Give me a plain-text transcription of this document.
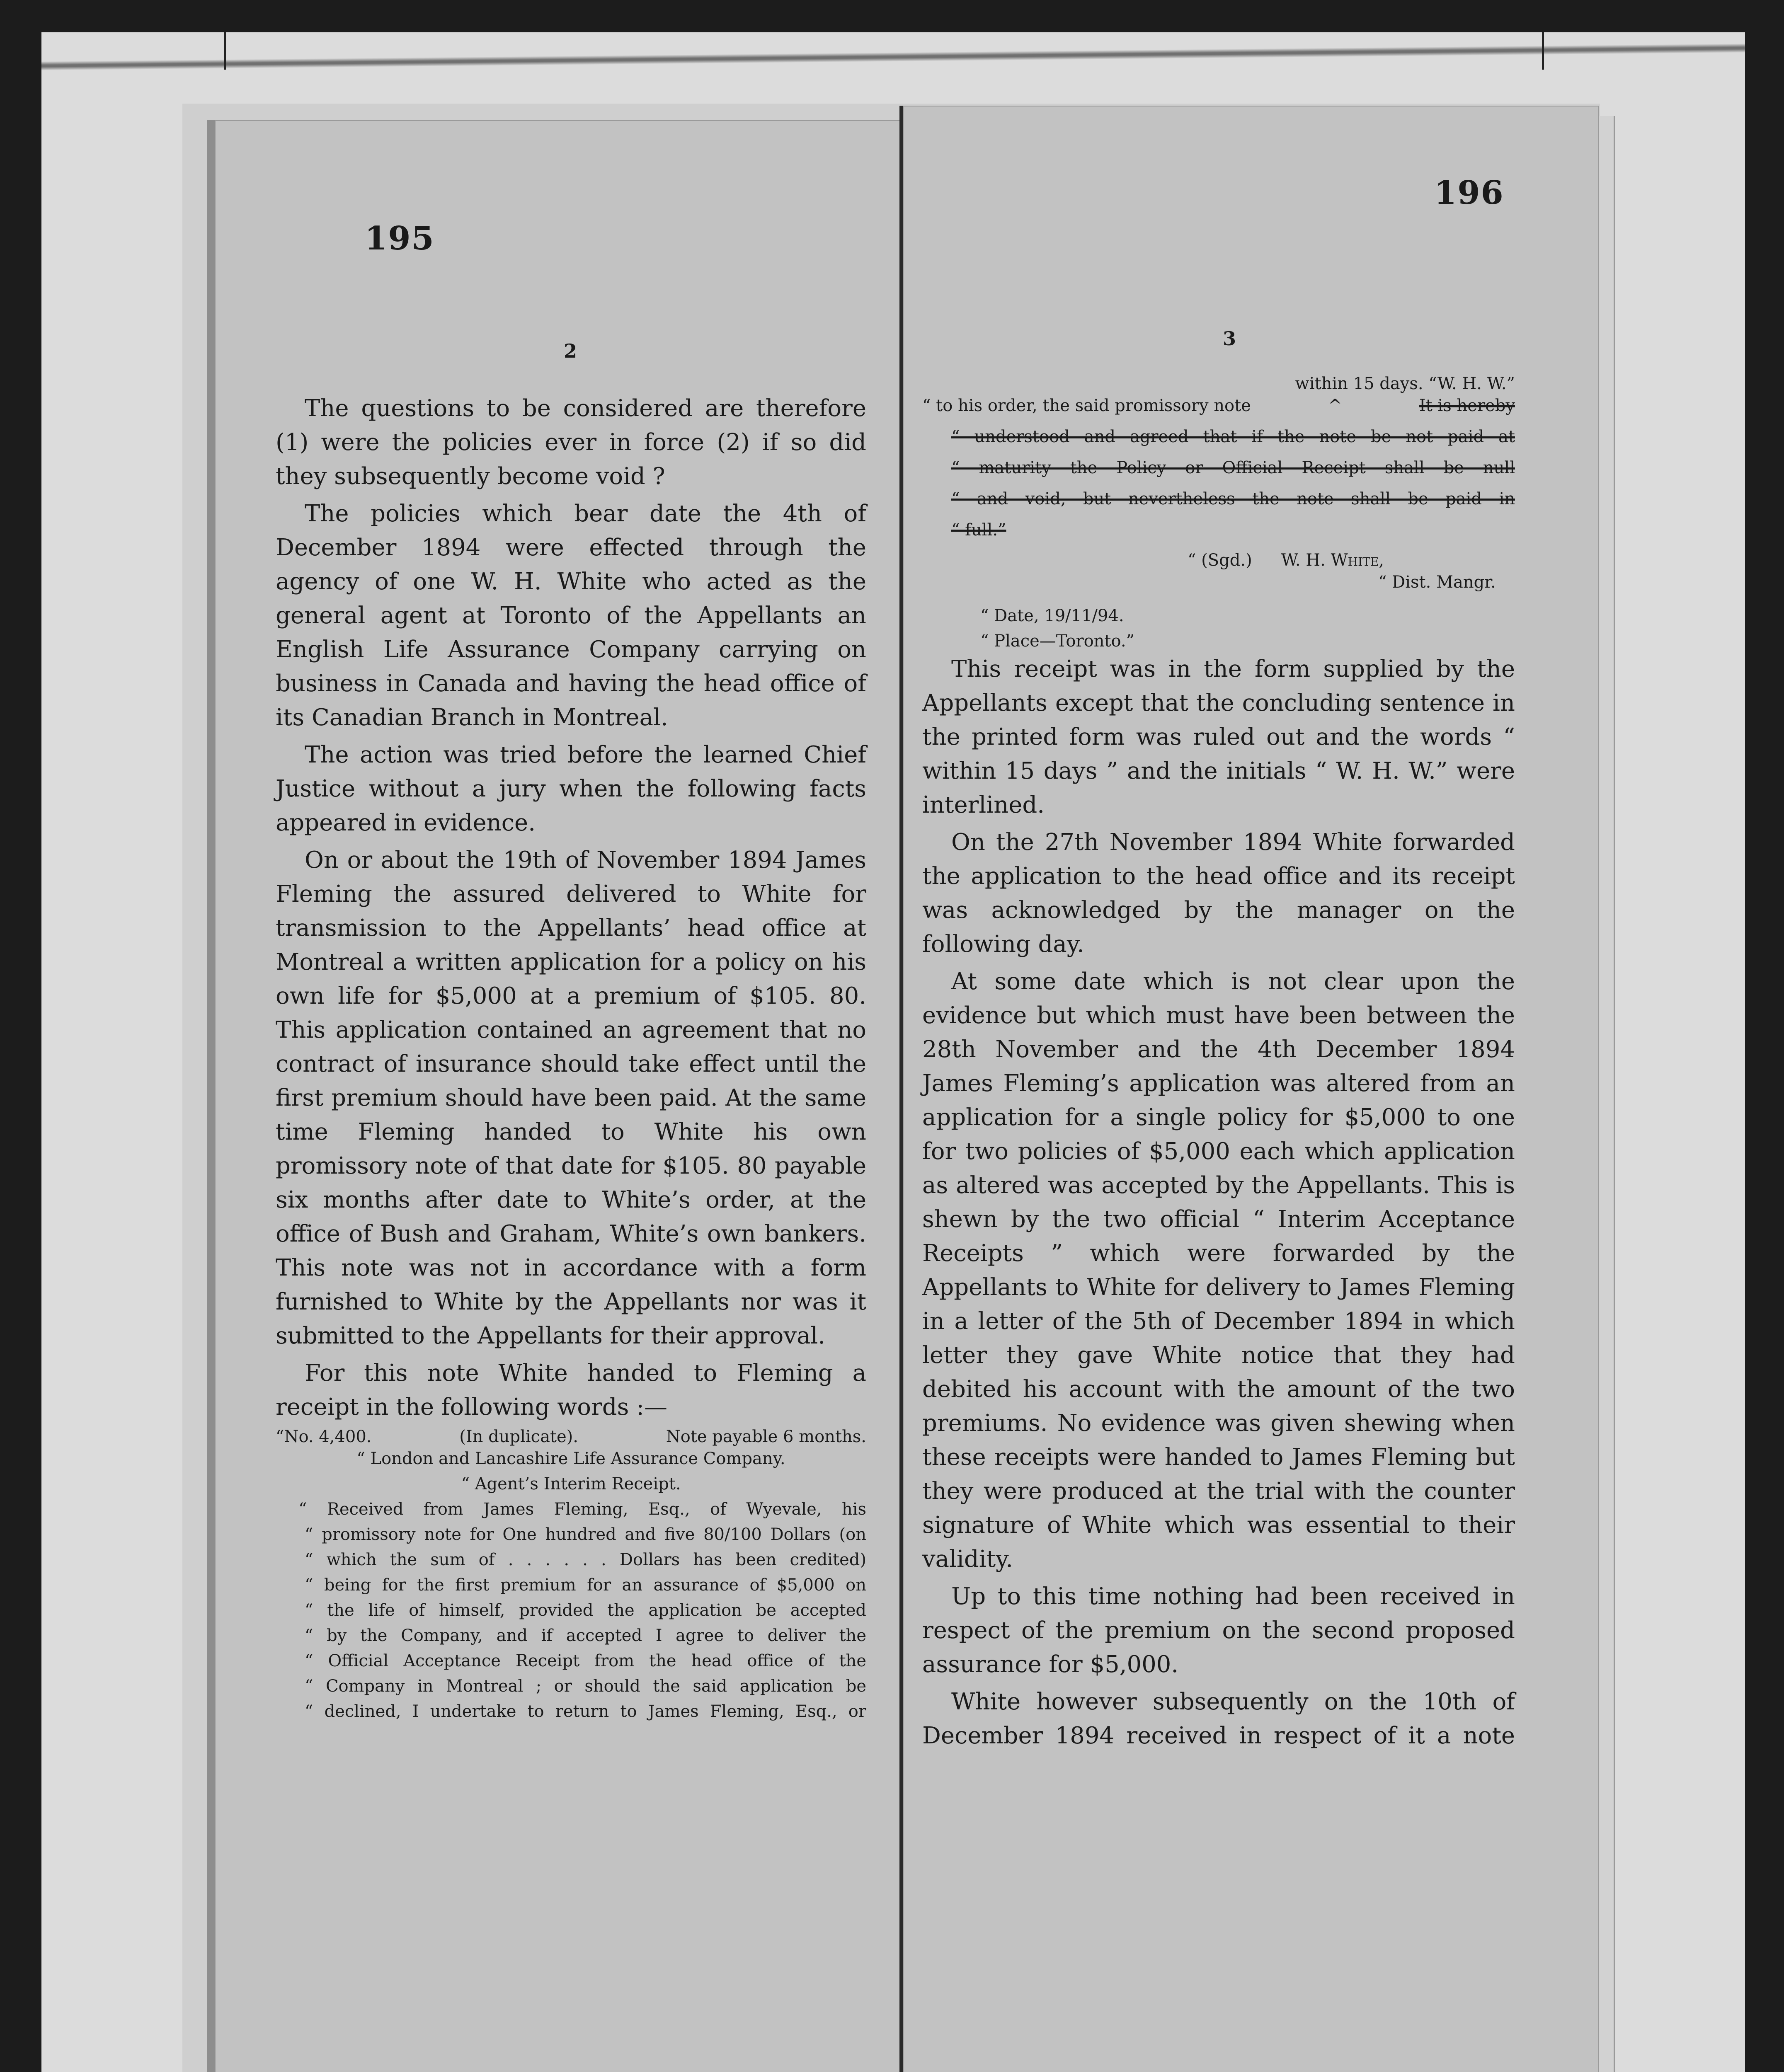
195
2

The questions to be considered are therefore (1) were the policies ever in force (2) if so did they subsequently become void ?

The policies which bear date the 4th of December 1894 were effected through the agency of one W. H. White who acted as the general agent at Toronto of the Appellants an English Life Assurance Company carrying on business in Canada and having the head office of its Canadian Branch in Montreal.

The action was tried before the learned Chief Justice without a jury when the following facts appeared in evidence.

On or about the 19th of November 1894 James Fleming the assured delivered to White for transmission to the Appellants’ head office at Montreal a written application for a policy on his own life for $5,000 at a premium of $105. 80. This application contained an agreement that no contract of insurance should take effect until the first premium should have been paid. At the same time Fleming handed to White his own promissory note of that date for $105. 80 payable six months after date to White’s order, at the office of Bush and Graham, White’s own bankers. This note was not in accordance with a form furnished to White by the Appellants nor was it submitted to the Appellants for their approval.

For this note White handed to Fleming a receipt in the following words :—

“No. 4,400.	(In duplicate).	Note payable 6 months.

“ London and Lancashire Life Assurance Company.

“ Agent’s Interim Receipt.

“ Received from James Fleming, Esq., of Wyevale, his

“ promissory note for One hundred and five 80/100 Dollars (on

“ which the sum of . . . . . . Dollars has been credited)

“ being for the first premium for an assurance of $5,000 on

“ the life of himself, provided the application be accepted

“ by the Company, and if accepted I agree to deliver the

“ Official Acceptance Receipt from the head office of the

“ Company in Montreal ; or should the said application be

“ declined, I undertake to return to James Fleming, Esq., or

196
3

within 15 days. “W. H. W.”

“ to his order, the said promissory note	^	It is hereby

“ understood and agreed that if the note be not paid at

“ maturity the Policy or Official Receipt shall be null

“ and void, but nevertheless the note shall be paid in

“ full.”

“ (Sgd.) W. H. White,

“ Dist. Mangr.

“ Date, 19/11/94.

“ Place—Toronto.”

This receipt was in the form supplied by the Appellants except that the concluding sentence in the printed form was ruled out and the words “ within 15 days ” and the initials “ W. H. W.” were interlined.

On the 27th November 1894 White forwarded the application to the head office and its receipt was acknowledged by the manager on the following day.

At some date which is not clear upon the evidence but which must have been between the 28th November and the 4th December 1894 James Fleming’s application was altered from an application for a single policy for $5,000 to one for two policies of $5,000 each which application as altered was accepted by the Appellants. This is shewn by the two official “ Interim Acceptance Receipts ” which were forwarded by the Appellants to White for delivery to James Fleming in a letter of the 5th of December 1894 in which letter they gave White notice that they had debited his account with the amount of the two premiums. No evidence was given shewing when these receipts were handed to James Fleming but they were produced at the trial with the counter signature of White which was essential to their validity.

Up to this time nothing had been received in respect of the premium on the second proposed assurance for $5,000.

White however subsequently on the 10th of December 1894 received in respect of it a note
